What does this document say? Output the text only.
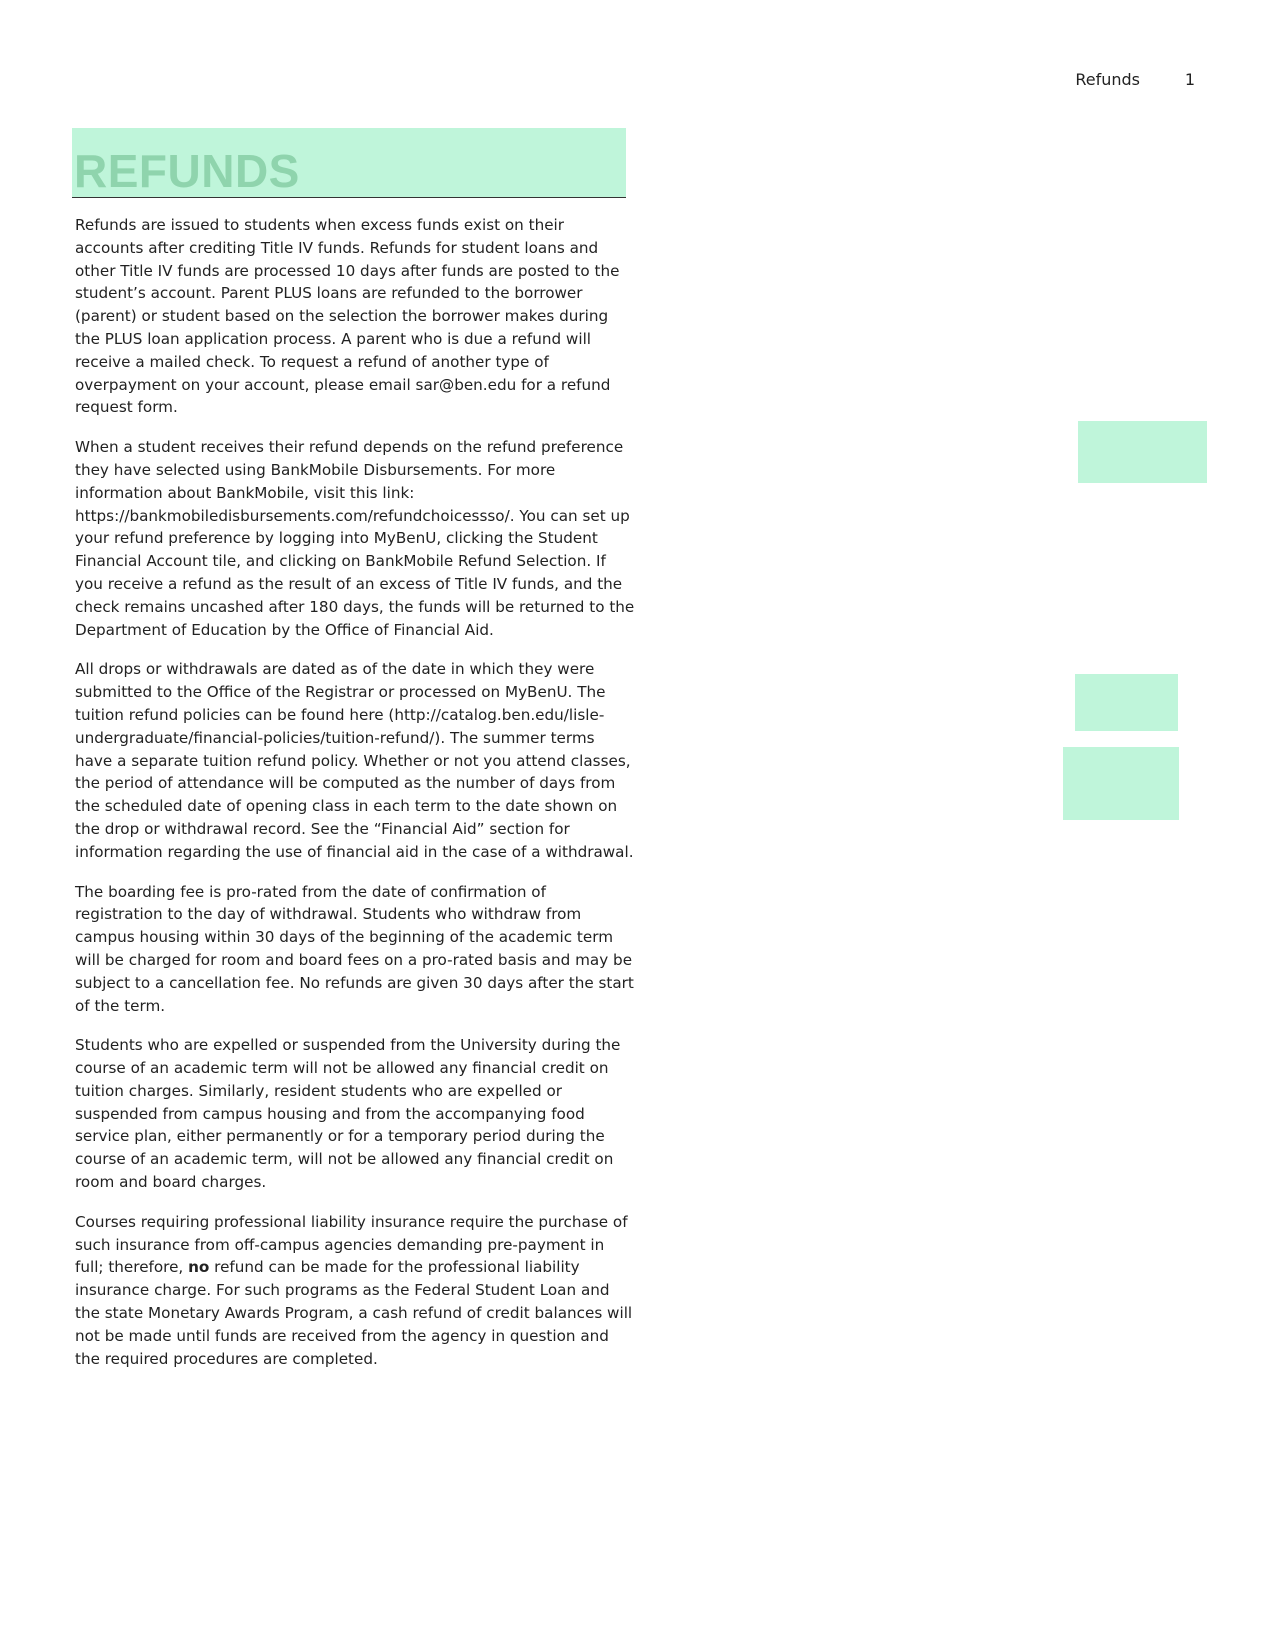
Refunds	1
REFUNDS

Refunds are issued to students when excess funds exist on their accounts after crediting Title IV funds. Refunds for student loans and other Title IV funds are processed 10 days after funds are posted to the student’s account. Parent PLUS loans are refunded to the borrower (parent) or student based on the selection the borrower makes during the PLUS loan application process. A parent who is due a refund will receive a mailed check. To request a refund of another type of overpayment on your account, please email sar@ben.edu for a refund request form.

When a student receives their refund depends on the refund preference they have selected using BankMobile Disbursements. For more information about BankMobile, visit this link: https://bankmobiledisbursements.com/refundchoicessso/. You can set up your refund preference by logging into MyBenU, clicking the Student Financial Account tile, and clicking on BankMobile Refund Selection. If you receive a refund as the result of an excess of Title IV funds, and the check remains uncashed after 180 days, the funds will be returned to the Department of Education by the Office of Financial Aid.

All drops or withdrawals are dated as of the date in which they were submitted to the Office of the Registrar or processed on MyBenU. The tuition refund policies can be found here (http://catalog.ben.edu/lisle-undergraduate/financial-policies/tuition-refund/). The summer terms have a separate tuition refund policy. Whether or not you attend classes, the period of attendance will be computed as the number of days from the scheduled date of opening class in each term to the date shown on the drop or withdrawal record. See the “Financial Aid” section for information regarding the use of financial aid in the case of a withdrawal.

The boarding fee is pro-rated from the date of confirmation of registration to the day of withdrawal. Students who withdraw from campus housing within 30 days of the beginning of the academic term will be charged for room and board fees on a pro-rated basis and may be subject to a cancellation fee. No refunds are given 30 days after the start of the term.

Students who are expelled or suspended from the University during the course of an academic term will not be allowed any financial credit on tuition charges. Similarly, resident students who are expelled or suspended from campus housing and from the accompanying food service plan, either permanently or for a temporary period during the course of an academic term, will not be allowed any financial credit on room and board charges.

Courses requiring professional liability insurance require the purchase of such insurance from off-campus agencies demanding pre-payment in full; therefore, no refund can be made for the professional liability insurance charge. For such programs as the Federal Student Loan and the state Monetary Awards Program, a cash refund of credit balances will not be made until funds are received from the agency in question and the required procedures are completed.
